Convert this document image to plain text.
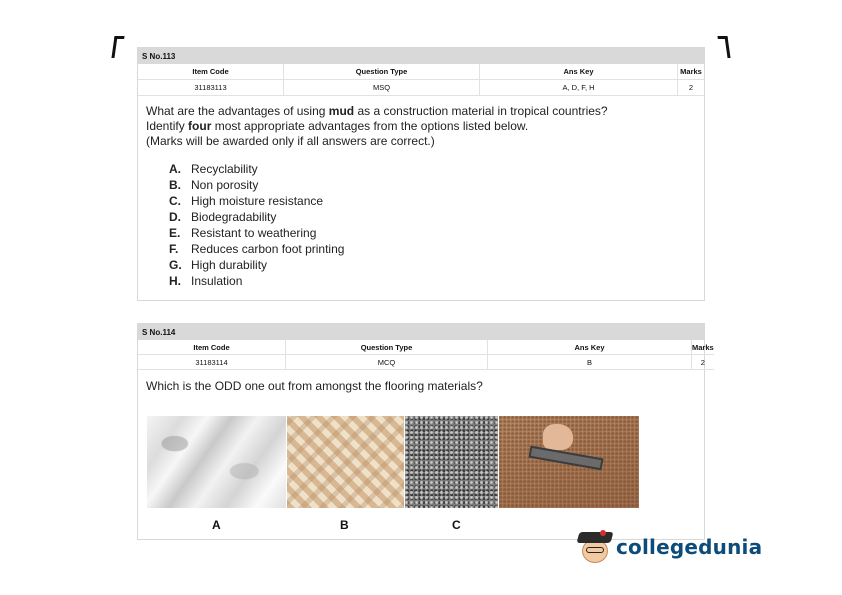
S No.113
Item Code	Question Type	Ans Key	Marks
31183113	MSQ	A, D, F, H	2
What are the advantages of using mud as a construction material in tropical countries?
Identify four most appropriate advantages from the options listed below.
(Marks will be awarded only if all answers are correct.)
A. Recyclability
B. Non porosity
C. High moisture resistance
D. Biodegradability
E. Resistant to weathering
F. Reduces carbon foot printing
G. High durability
H. Insulation
S No.114
Item Code	Question Type	Ans Key	Marks
31183114	MCQ	B	2
Which is the ODD one out from amongst the flooring materials?
A	B	C
collegedunia
